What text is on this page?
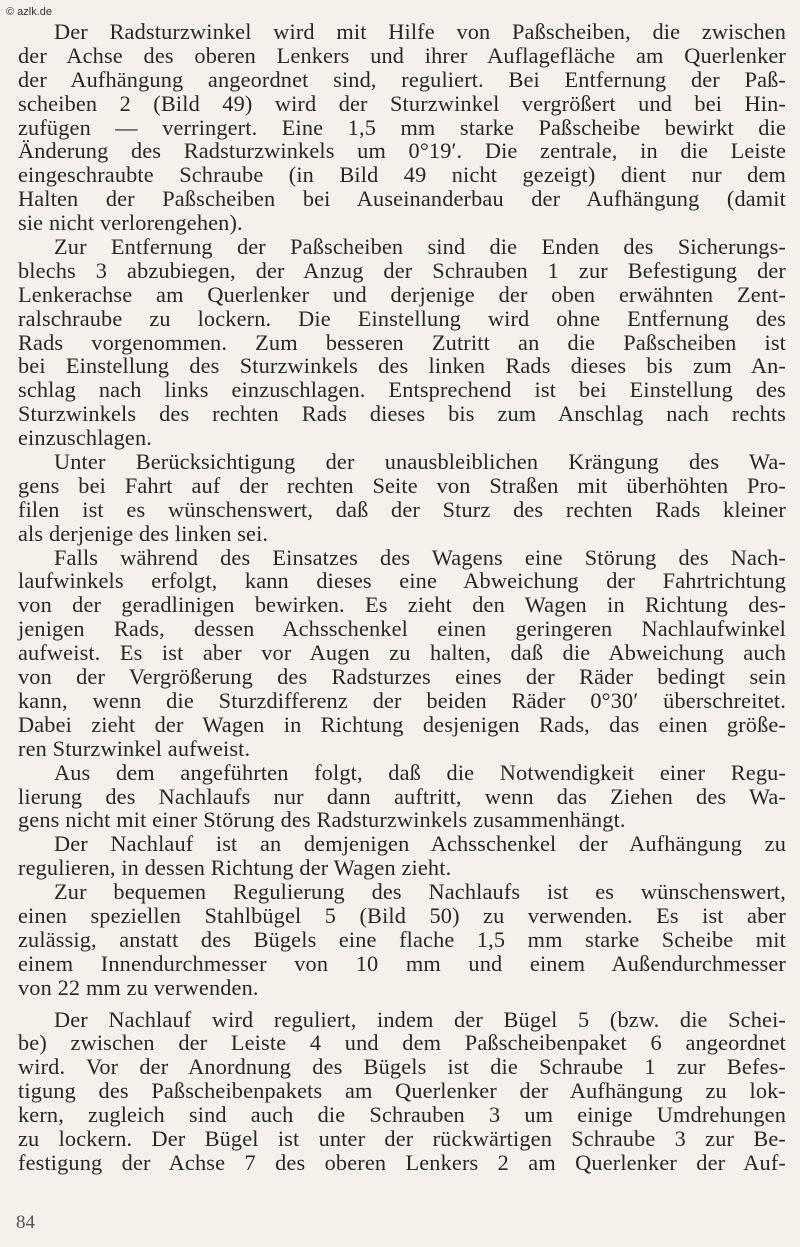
© azlk.de
Der Radsturzwinkel wird mit Hilfe von Paßscheiben, die zwischen
der Achse des oberen Lenkers und ihrer Auflagefläche am Querlenker
der Aufhängung angeordnet sind, reguliert. Bei Entfernung der Paß-
scheiben 2 (Bild 49) wird der Sturzwinkel vergrößert und bei Hin-
zufügen — verringert. Eine 1,5 mm starke Paßscheibe bewirkt die
Änderung des Radsturzwinkels um 0°19′. Die zentrale, in die Leiste
eingeschraubte Schraube (in Bild 49 nicht gezeigt) dient nur dem
Halten der Paßscheiben bei Auseinanderbau der Aufhängung (damit
sie nicht verlorengehen).
Zur Entfernung der Paßscheiben sind die Enden des Sicherungs-
blechs 3 abzubiegen, der Anzug der Schrauben 1 zur Befestigung der
Lenkerachse am Querlenker und derjenige der oben erwähnten Zent-
ralschraube zu lockern. Die Einstellung wird ohne Entfernung des
Rads vorgenommen. Zum besseren Zutritt an die Paßscheiben ist
bei Einstellung des Sturzwinkels des linken Rads dieses bis zum An-
schlag nach links einzuschlagen. Entsprechend ist bei Einstellung des
Sturzwinkels des rechten Rads dieses bis zum Anschlag nach rechts
einzuschlagen.
Unter Berücksichtigung der unausbleiblichen Krängung des Wa-
gens bei Fahrt auf der rechten Seite von Straßen mit überhöhten Pro-
filen ist es wünschenswert, daß der Sturz des rechten Rads kleiner
als derjenige des linken sei.
Falls während des Einsatzes des Wagens eine Störung des Nach-
laufwinkels erfolgt, kann dieses eine Abweichung der Fahrtrichtung
von der geradlinigen bewirken. Es zieht den Wagen in Richtung des-
jenigen Rads, dessen Achsschenkel einen geringeren Nachlaufwinkel
aufweist. Es ist aber vor Augen zu halten, daß die Abweichung auch
von der Vergrößerung des Radsturzes eines der Räder bedingt sein
kann, wenn die Sturzdifferenz der beiden Räder 0°30′ überschreitet.
Dabei zieht der Wagen in Richtung desjenigen Rads, das einen größe-
ren Sturzwinkel aufweist.
Aus dem angeführten folgt, daß die Notwendigkeit einer Regu-
lierung des Nachlaufs nur dann auftritt, wenn das Ziehen des Wa-
gens nicht mit einer Störung des Radsturzwinkels zusammenhängt.
Der Nachlauf ist an demjenigen Achsschenkel der Aufhängung zu
regulieren, in dessen Richtung der Wagen zieht.
Zur bequemen Regulierung des Nachlaufs ist es wünschenswert,
einen speziellen Stahlbügel 5 (Bild 50) zu verwenden. Es ist aber
zulässig, anstatt des Bügels eine flache 1,5 mm starke Scheibe mit
einem Innendurchmesser von 10 mm und einem Außendurchmesser
von 22 mm zu verwenden.
Der Nachlauf wird reguliert, indem der Bügel 5 (bzw. die Schei-
be) zwischen der Leiste 4 und dem Paßscheibenpaket 6 angeordnet
wird. Vor der Anordnung des Bügels ist die Schraube 1 zur Befes-
tigung des Paßscheibenpakets am Querlenker der Aufhängung zu lok-
kern, zugleich sind auch die Schrauben 3 um einige Umdrehungen
zu lockern. Der Bügel ist unter der rückwärtigen Schraube 3 zur Be-
festigung der Achse 7 des oberen Lenkers 2 am Querlenker der Auf-
84
